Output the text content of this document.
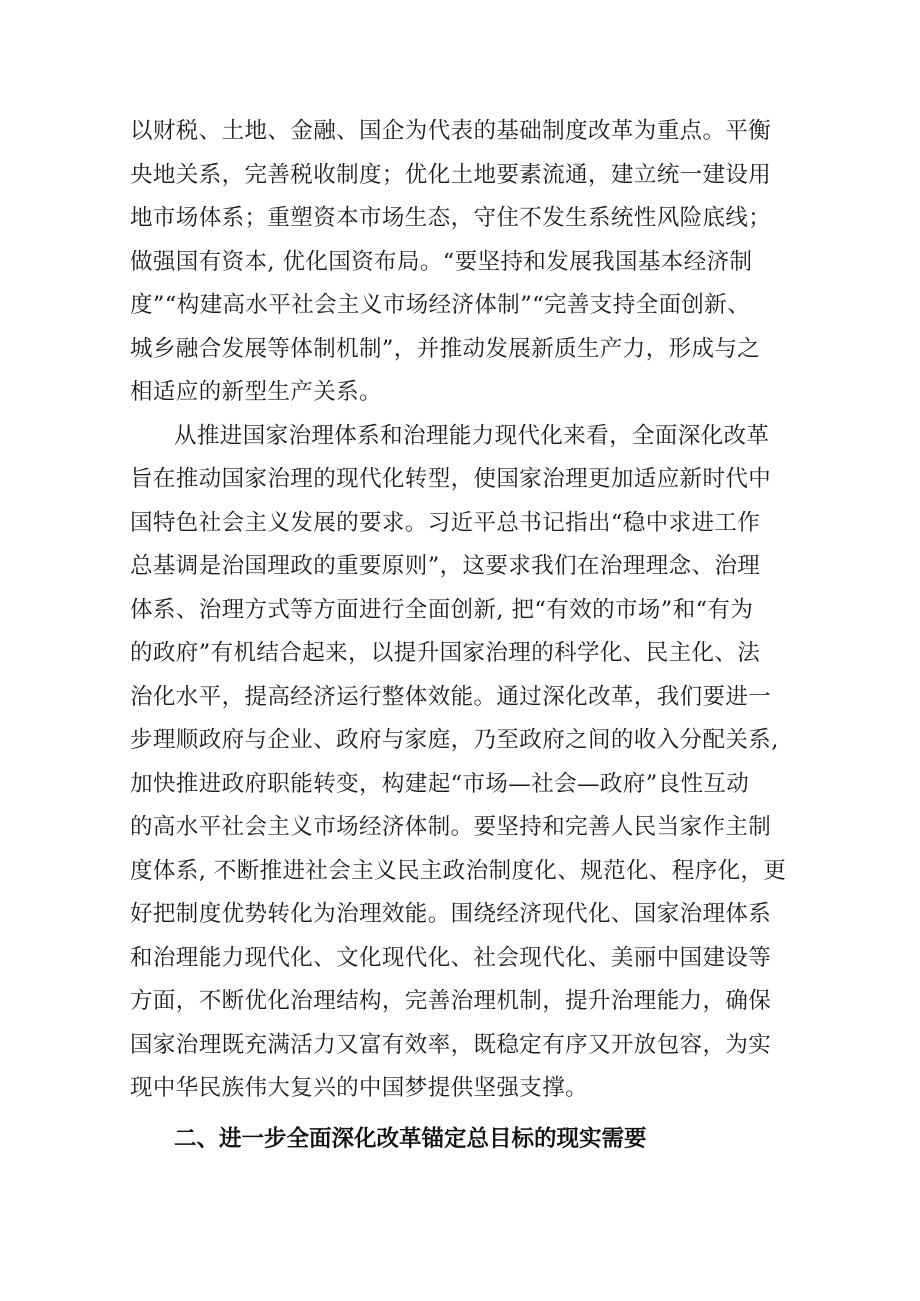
以财税、土地、金融、国企为代表的基础制度改革为重点。平衡
央地关系，完善税收制度；优化土地要素流通，建立统一建设用
地市场体系；重塑资本市场生态，守住不发生系统性风险底线；
做强国有资本, 优化国资布局。“要坚持和发展我国基本经济制
度”“构建高水平社会主义市场经济体制”“完善支持全面创新、
城乡融合发展等体制机制”，并推动发展新质生产力，形成与之
相适应的新型生产关系。
从推进国家治理体系和治理能力现代化来看，全面深化改革
旨在推动国家治理的现代化转型，使国家治理更加适应新时代中
国特色社会主义发展的要求。习近平总书记指出“稳中求进工作
总基调是治国理政的重要原则”，这要求我们在治理理念、治理
体系、治理方式等方面进行全面创新, 把“有效的市场”和“有为
的政府”有机结合起来，以提升国家治理的科学化、民主化、法
治化水平，提高经济运行整体效能。通过深化改革，我们要进一
步理顺政府与企业、政府与家庭，乃至政府之间的收入分配关系,
加快推进政府职能转变，构建起“市场—社会—政府”良性互动
的高水平社会主义市场经济体制。要坚持和完善人民当家作主制
度体系, 不断推进社会主义民主政治制度化、规范化、程序化，更
好把制度优势转化为治理效能。围绕经济现代化、国家治理体系
和治理能力现代化、文化现代化、社会现代化、美丽中国建设等
方面，不断优化治理结构，完善治理机制，提升治理能力，确保
国家治理既充满活力又富有效率，既稳定有序又开放包容，为实
现中华民族伟大复兴的中国梦提供坚强支撑。
二、进一步全面深化改革锚定总目标的现实需要
